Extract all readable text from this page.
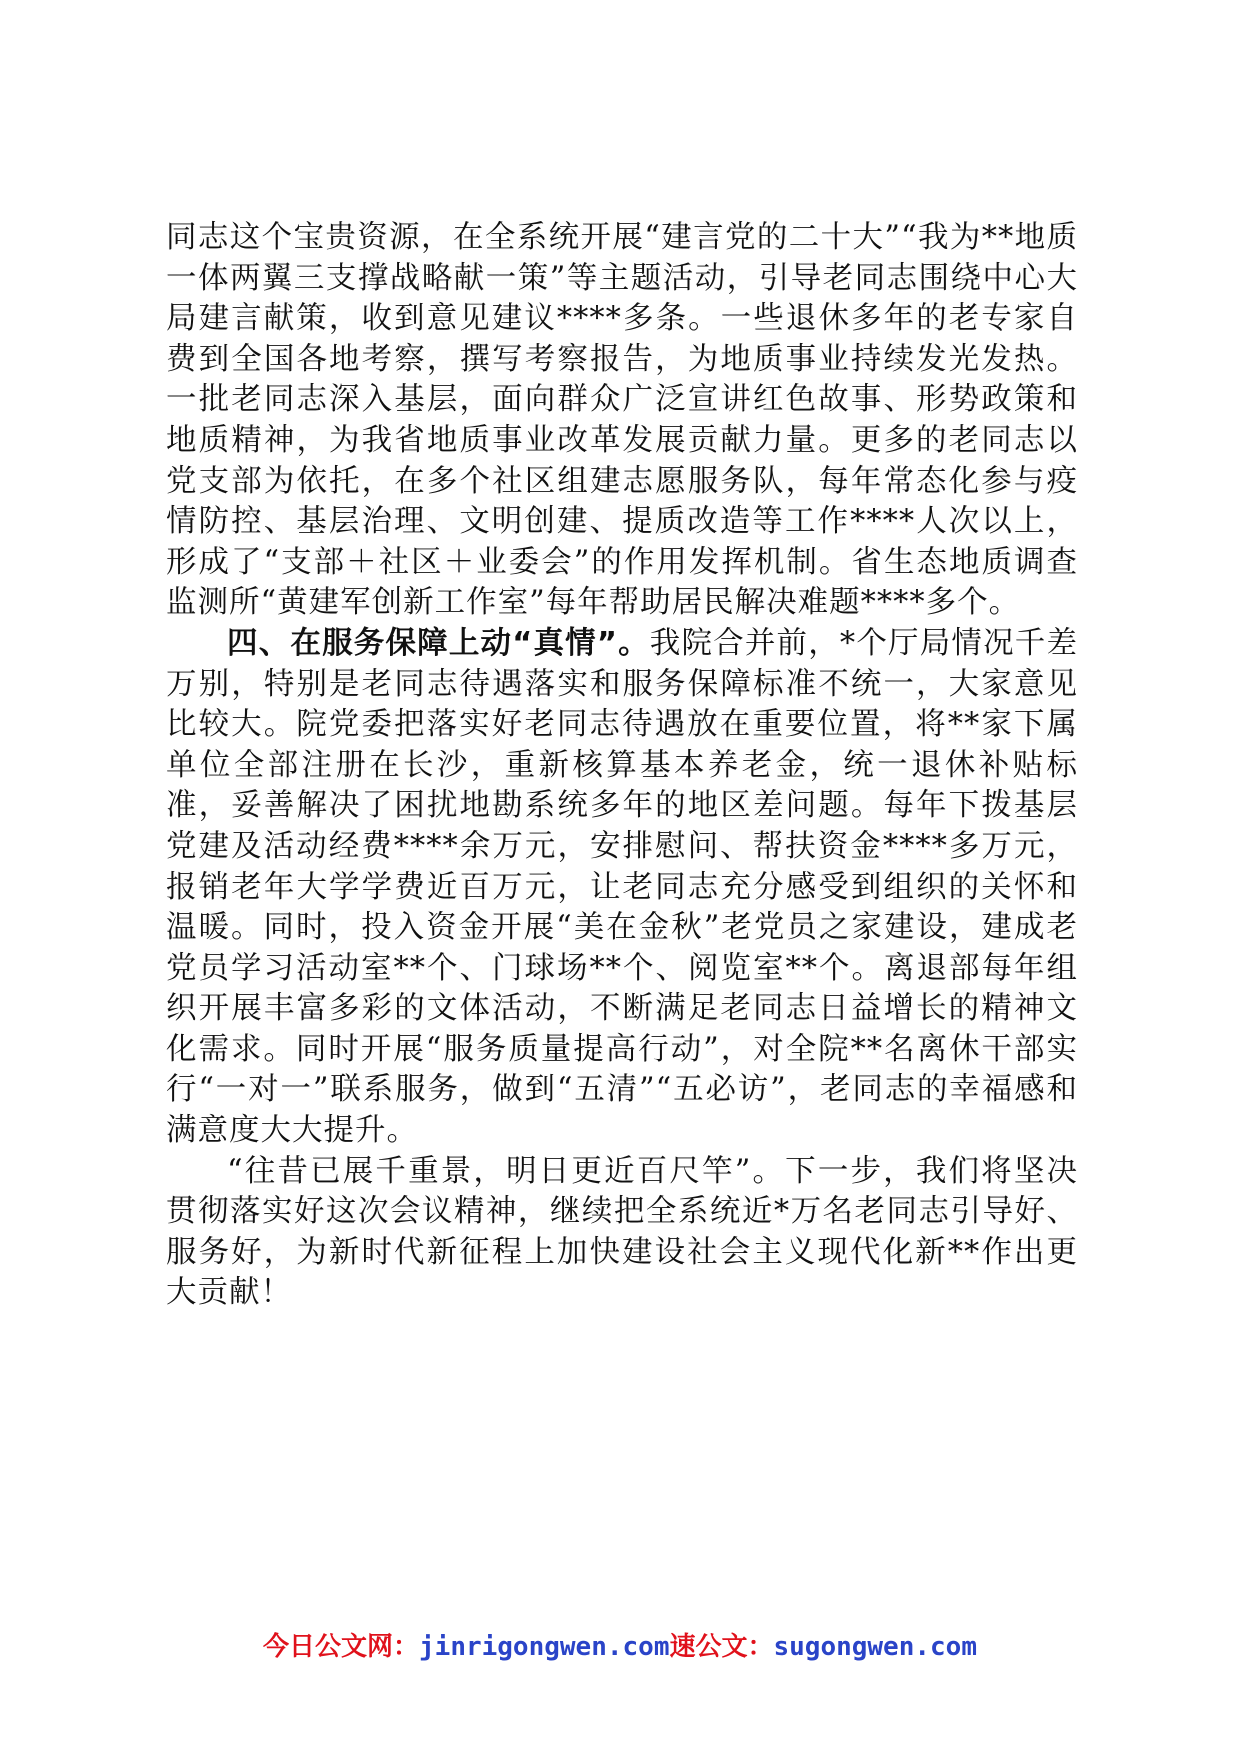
同志这个宝贵资源，在全系统开展“建言党的二十大”“我为**地质一体两翼三支撑战略献一策”等主题活动，引导老同志围绕中心大局建言献策，收到意见建议****多条。一些退休多年的老专家自费到全国各地考察，撰写考察报告，为地质事业持续发光发热。一批老同志深入基层，面向群众广泛宣讲红色故事、形势政策和地质精神，为我省地质事业改革发展贡献力量。更多的老同志以党支部为依托，在多个社区组建志愿服务队，每年常态化参与疫情防控、基层治理、文明创建、提质改造等工作****人次以上，形成了“支部＋社区＋业委会”的作用发挥机制。省生态地质调查监测所“黄建军创新工作室”每年帮助居民解决难题****多个。

四、在服务保障上动“真情”。我院合并前，*个厅局情况千差万别，特别是老同志待遇落实和服务保障标准不统一，大家意见比较大。院党委把落实好老同志待遇放在重要位置，将**家下属单位全部注册在长沙，重新核算基本养老金，统一退休补贴标准，妥善解决了困扰地勘系统多年的地区差问题。每年下拨基层党建及活动经费****余万元，安排慰问、帮扶资金****多万元，报销老年大学学费近百万元，让老同志充分感受到组织的关怀和温暖。同时，投入资金开展“美在金秋”老党员之家建设，建成老党员学习活动室**个、门球场**个、阅览室**个。离退部每年组织开展丰富多彩的文体活动，不断满足老同志日益增长的精神文化需求。同时开展“服务质量提高行动”，对全院**名离休干部实行“一对一”联系服务，做到“五清”“五必访”，老同志的幸福感和满意度大大提升。

“往昔已展千重景，明日更近百尺竿”。下一步，我们将坚决贯彻落实好这次会议精神，继续把全系统近*万名老同志引导好、服务好，为新时代新征程上加快建设社会主义现代化新**作出更大贡献！

今日公文网：jinrigongwen.com速公文：sugongwen.com
